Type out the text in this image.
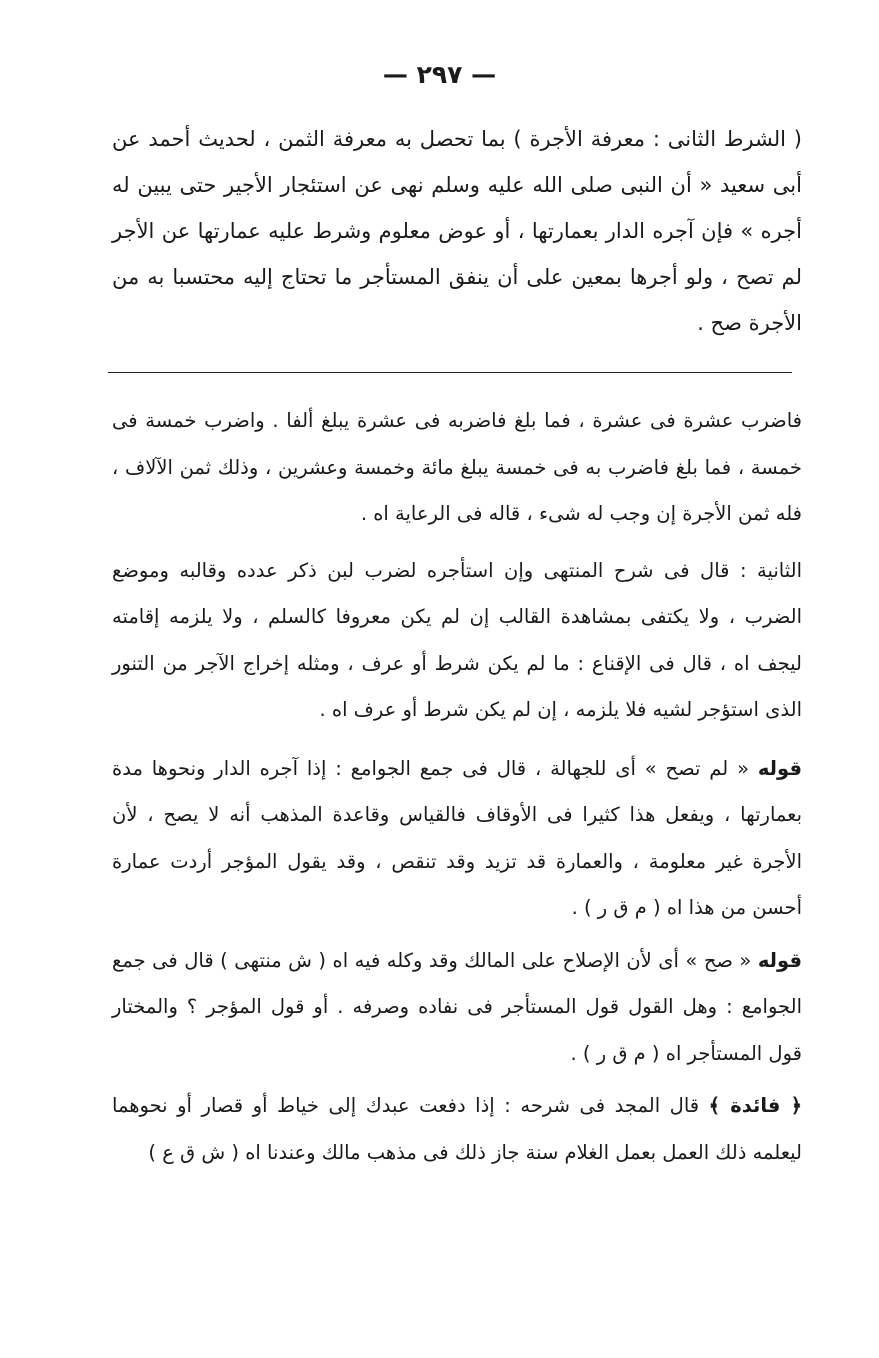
— ٢٩٧ —

( الشرط الثانى : معرفة الأجرة ) بما تحصل به معرفة الثمن ، لحديث أحمد عن أبى سعيد « أن النبى صلى الله عليه وسلم نهى عن استئجار الأجير حتى يبين له أجره » فإن آجره الدار بعمارتها ، أو عوض معلوم وشرط عليه عمارتها عن الأجر لم تصح ، ولو أجرها بمعين على أن ينفق المستأجر ما تحتاج إليه محتسبا به من الأجرة صح .

فاضرب عشرة فى عشرة ، فما بلغ فاضربه فى عشرة يبلغ ألفا . واضرب خمسة فى خمسة ، فما بلغ فاضرب به فى خمسة يبلغ مائة وخمسة وعشرين ، وذلك ثمن الآلاف ، فله ثمن الأجرة إن وجب له شىء ، قاله فى الرعاية اه .

الثانية : قال فى شرح المنتهى وإن استأجره لضرب لبن ذكر عدده وقالبه وموضع الضرب ، ولا يكتفى بمشاهدة القالب إن لم يكن معروفا كالسلم ، ولا يلزمه إقامته ليجف اه ، قال فى الإقناع : ما لم يكن شرط أو عرف ، ومثله إخراج الآجر من التنور الذى استؤجر لشيه فلا يلزمه ، إن لم يكن شرط أو عرف اه .

قوله « لم تصح » أى للجهالة ، قال فى جمع الجوامع : إذا آجره الدار ونحوها مدة بعمارتها ، ويفعل هذا كثيرا فى الأوقاف فالقياس وقاعدة المذهب أنه لا يصح ، لأن الأجرة غير معلومة ، والعمارة قد تزيد وقد تنقص ، وقد يقول المؤجر أردت عمارة أحسن من هذا اه ( م ق ر ) .

قوله « صح » أى لأن الإصلاح على المالك وقد وكله فيه اه ( ش منتهى ) قال فى جمع الجوامع : وهل القول قول المستأجر فى نفاده وصرفه . أو قول المؤجر ؟ والمختار قول المستأجر اه ( م ق ر ) .

﴿ فائدة ﴾ قال المجد فى شرحه : إذا دفعت عبدك إلى خياط أو قصار أو نحوهما ليعلمه ذلك العمل بعمل الغلام سنة جاز ذلك فى مذهب مالك وعندنا اه ( ش ق ع )
